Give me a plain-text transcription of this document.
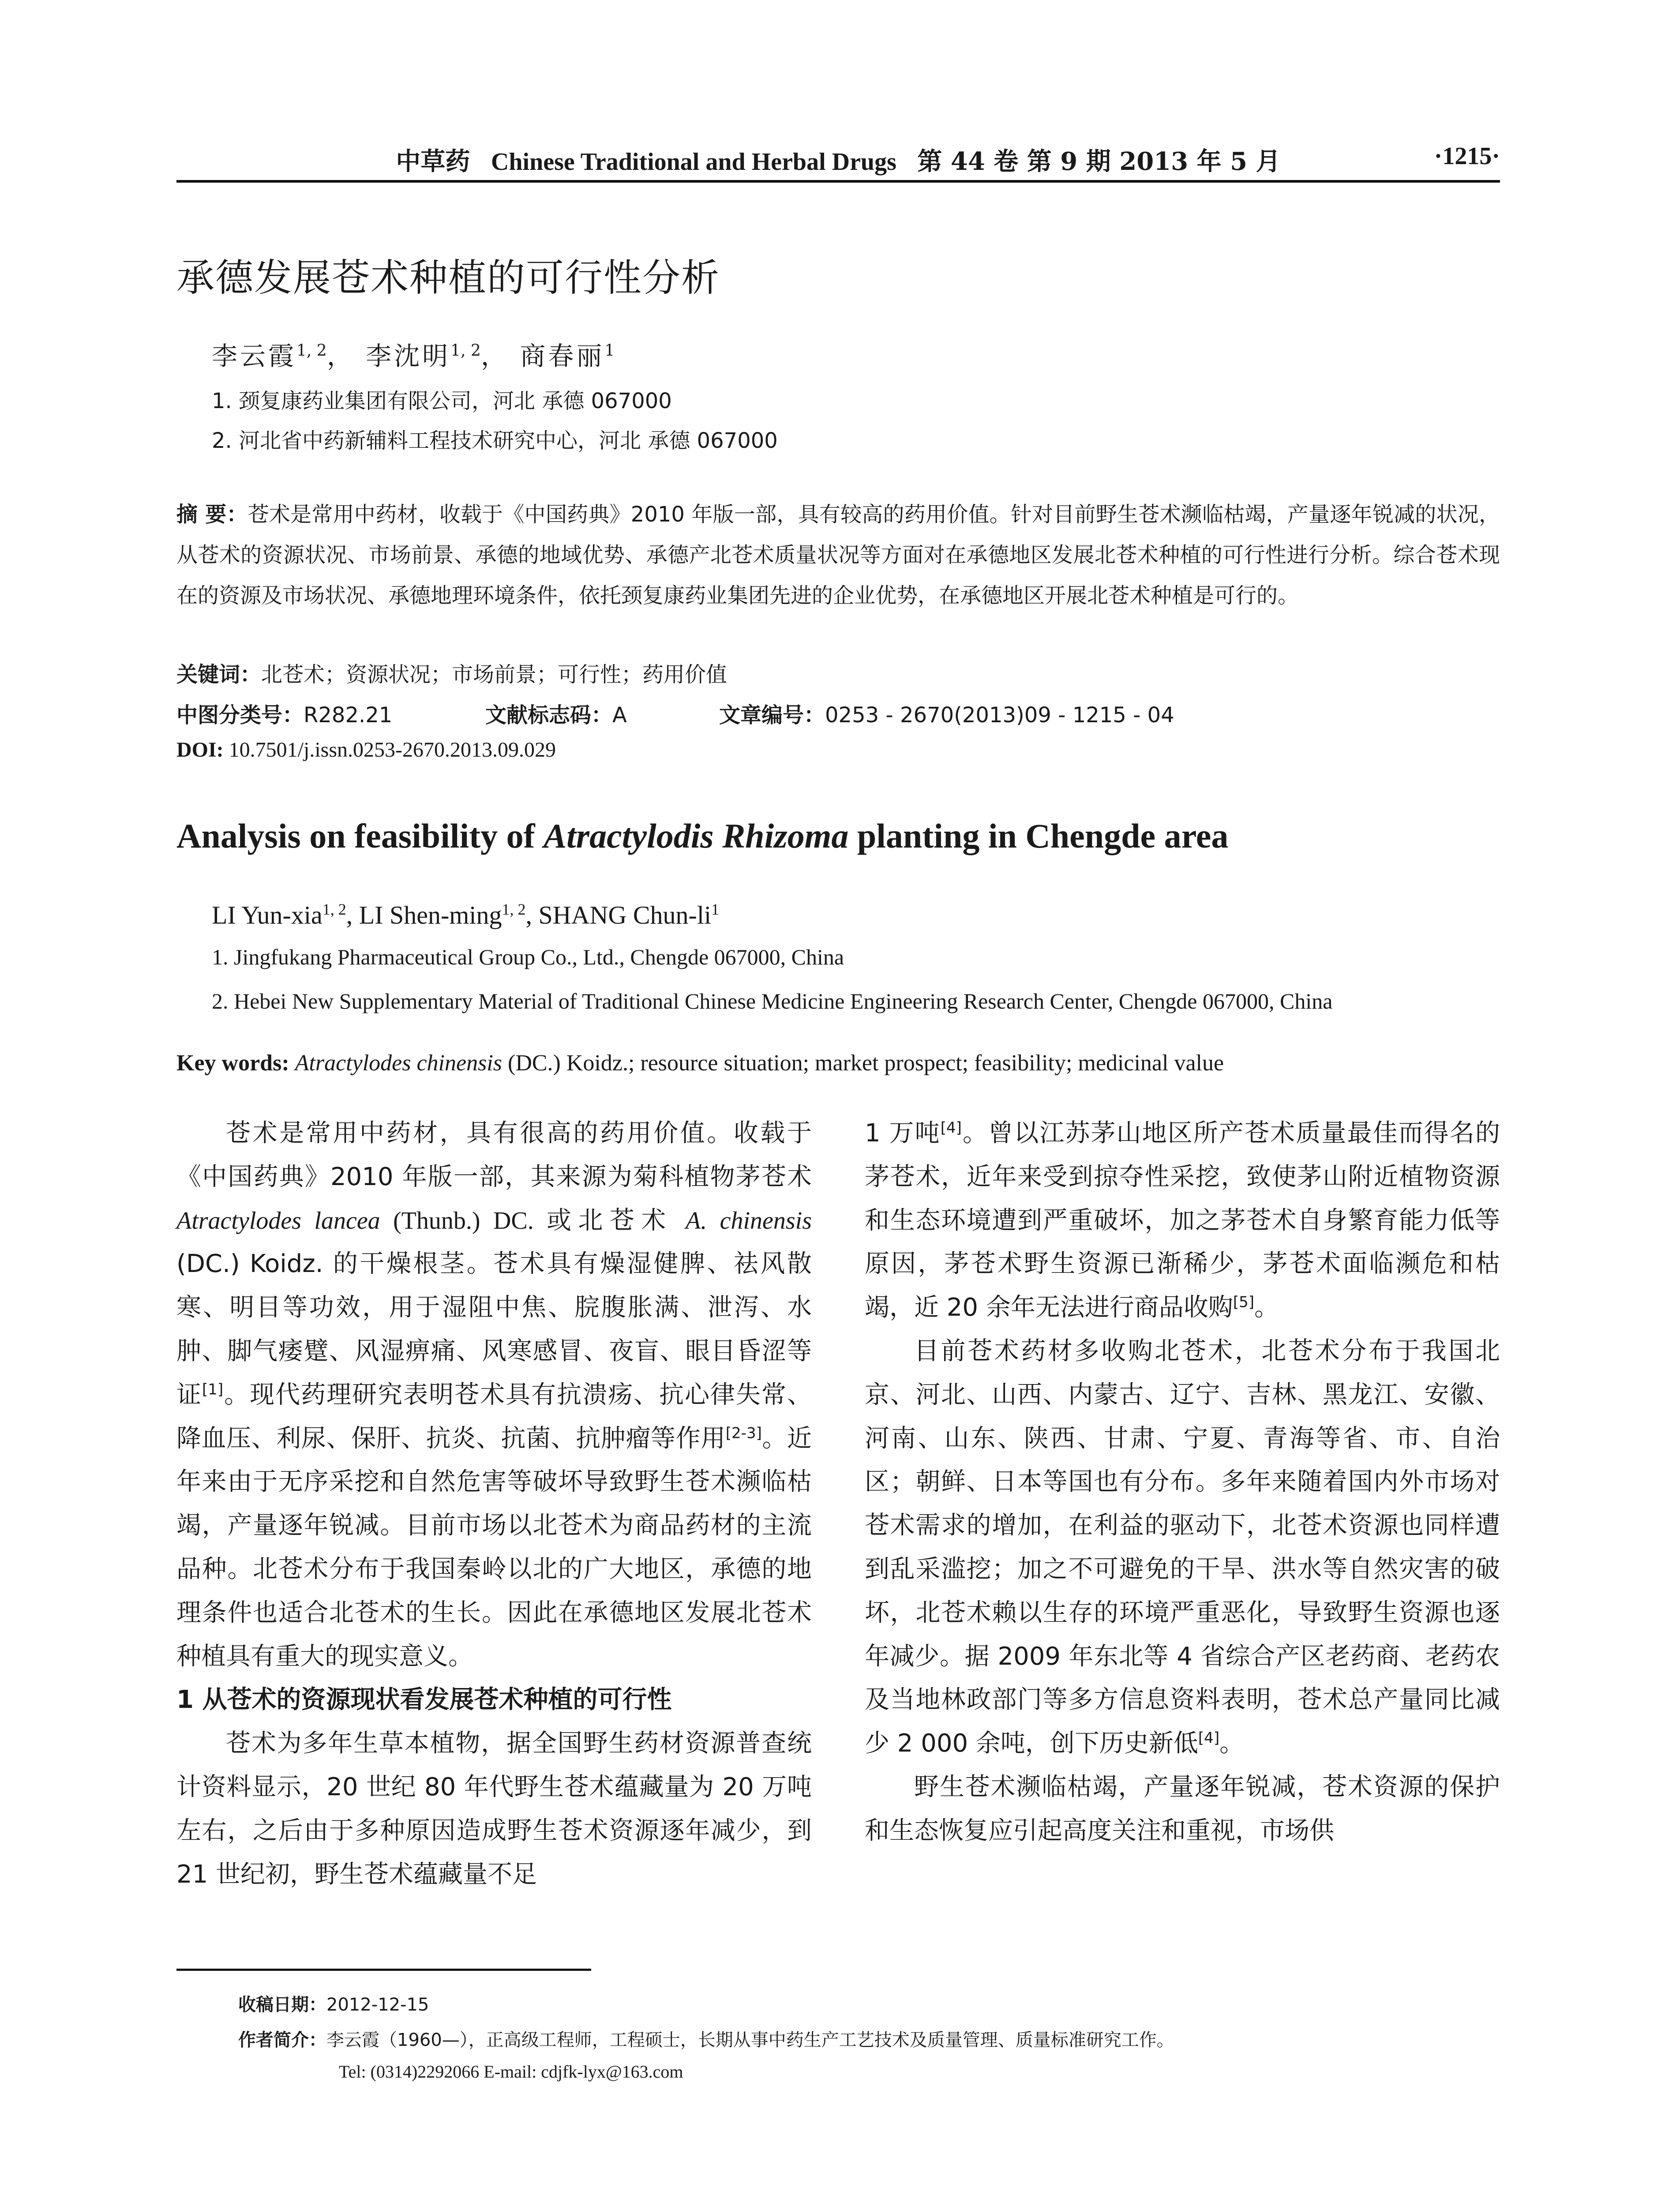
中草药 Chinese Traditional and Herbal Drugs 第 44 卷 第 9 期 2013 年 5 月	·1215·
承德发展苍术种植的可行性分析
李云霞$^{1, 2}$， 李沈明$^{1, 2}$， 商春丽$^1$
1. 颈复康药业集团有限公司，河北 承德 067000
2. 河北省中药新辅料工程技术研究中心，河北 承德 067000
摘 要：苍术是常用中药材，收载于《中国药典》2010 年版一部，具有较高的药用价值。针对目前野生苍术濒临枯竭，产量逐年锐减的状况，从苍术的资源状况、市场前景、承德的地域优势、承德产北苍术质量状况等方面对在承德地区发展北苍术种植的可行性进行分析。综合苍术现在的资源及市场状况、承德地理环境条件，依托颈复康药业集团先进的企业优势，在承德地区开展北苍术种植是可行的。
关键词：北苍术；资源状况；市场前景；可行性；药用价值
中图分类号：R282.21	文献标志码：A	文章编号：0253 - 2670(2013)09 - 1215 - 04
DOI: 10.7501/j.issn.0253-2670.2013.09.029
Analysis on feasibility of Atractylodis Rhizoma planting in Chengde area
LI Yun-xia$^{1, 2}$, LI Shen-ming$^{1, 2}$, SHANG Chun-$li^1$
1. Jingfukang Pharmaceutical Group Co., Ltd., Chengde 067000, China
2. Hebei New Supplementary Material of Traditional Chinese Medicine Engineering Research Center, Chengde 067000, China
Key words: Atractylodes chinensis (DC.) Koidz.; resource situation; market prospect; feasibility; medicinal value

苍术是常用中药材，具有很高的药用价值。收载于《中国药典》2010 年版一部，其来源为菊科植物茅苍术 Atractylodes lancea (Thunb.) DC. 或北苍术 A. chinensis (DC.) Koidz. 的干燥根茎。苍术具有燥湿健脾、祛风散寒、明目等功效，用于湿阻中焦、脘腹胀满、泄泻、水肿、脚气痿躄、风湿痹痛、风寒感冒、夜盲、眼目昏涩等证[1]。现代药理研究表明苍术具有抗溃疡、抗心律失常、降血压、利尿、保肝、抗炎、抗菌、抗肿瘤等作用[2-3]。近年来由于无序采挖和自然危害等破坏导致野生苍术濒临枯竭，产量逐年锐减。目前市场以北苍术为商品药材的主流品种。北苍术分布于我国秦岭以北的广大地区，承德的地理条件也适合北苍术的生长。因此在承德地区发展北苍术种植具有重大的现实意义。

1 从苍术的资源现状看发展苍术种植的可行性

苍术为多年生草本植物，据全国野生药材资源普查统计资料显示，20 世纪 80 年代野生苍术蕴藏量为 20 万吨左右，之后由于多种原因造成野生苍术资源逐年减少，到 21 世纪初，野生苍术蕴藏量不足

1 万吨[4]。曾以江苏茅山地区所产苍术质量最佳而得名的茅苍术，近年来受到掠夺性采挖，致使茅山附近植物资源和生态环境遭到严重破坏，加之茅苍术自身繁育能力低等原因，茅苍术野生资源已渐稀少，茅苍术面临濒危和枯竭，近 20 余年无法进行商品收购[5]。

目前苍术药材多收购北苍术，北苍术分布于我国北京、河北、山西、内蒙古、辽宁、吉林、黑龙江、安徽、河南、山东、陕西、甘肃、宁夏、青海等省、市、自治区；朝鲜、日本等国也有分布。多年来随着国内外市场对苍术需求的增加，在利益的驱动下，北苍术资源也同样遭到乱采滥挖；加之不可避免的干旱、洪水等自然灾害的破坏，北苍术赖以生存的环境严重恶化，导致野生资源也逐年减少。据 2009 年东北等 4 省综合产区老药商、老药农及当地林政部门等多方信息资料表明，苍术总产量同比减少 2 000 余吨，创下历史新低[4]。

野生苍术濒临枯竭，产量逐年锐减，苍术资源的保护和生态恢复应引起高度关注和重视，市场供

收稿日期：2012-12-15
作者简介：李云霞（1960—），正高级工程师，工程硕士，长期从事中药生产工艺技术及质量管理、质量标准研究工作。
Tel: (0314)2292066 E-mail: cdjfk-lyx@163.com
